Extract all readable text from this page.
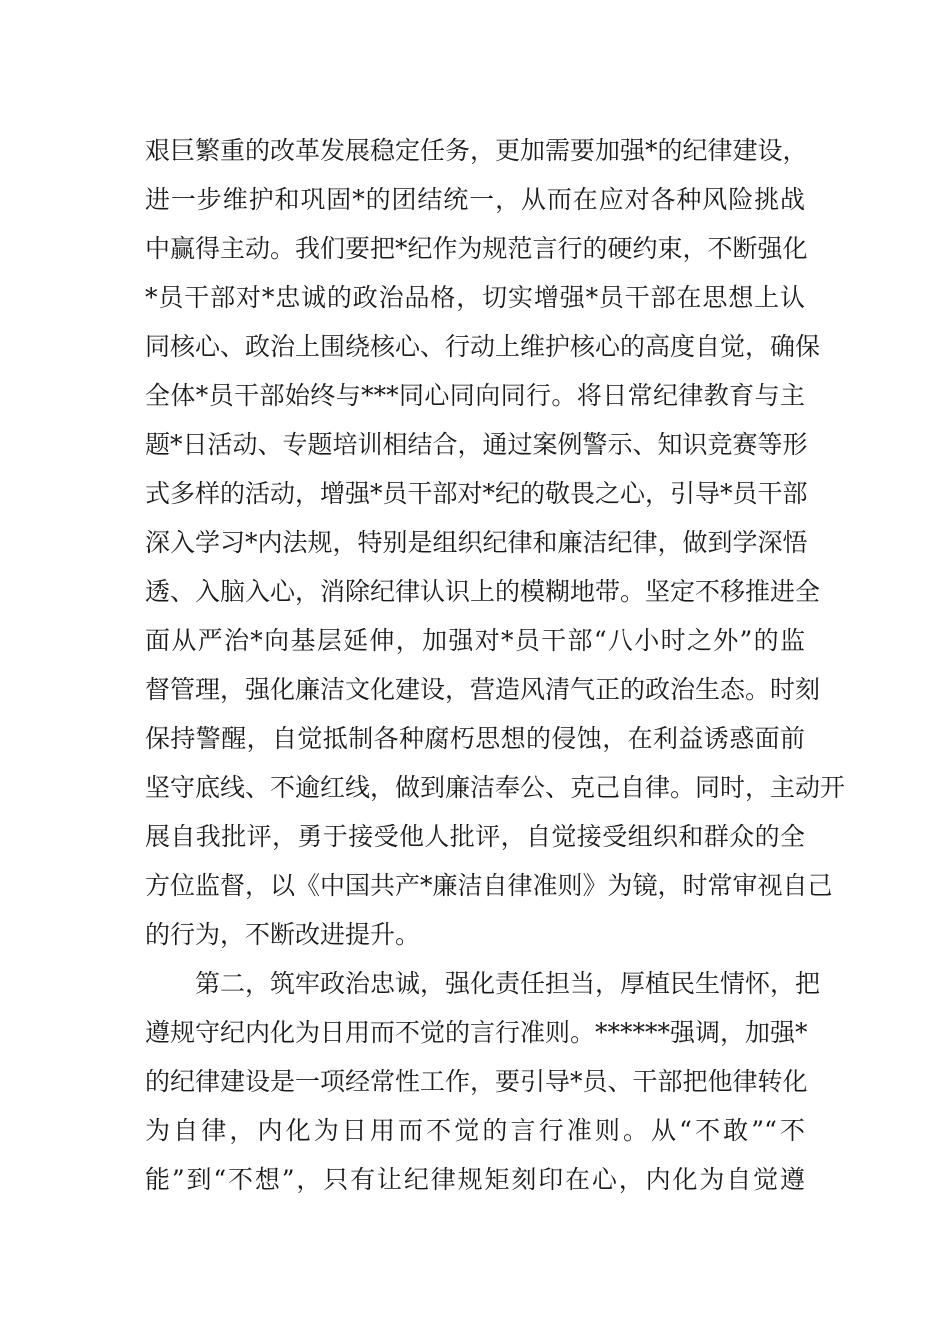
艰巨繁重的改革发展稳定任务，更加需要加强*的纪律建设，
进一步维护和巩固*的团结统一，从而在应对各种风险挑战
中赢得主动。我们要把*纪作为规范言行的硬约束，不断强化
*员干部对*忠诚的政治品格，切实增强*员干部在思想上认
同核心、政治上围绕核心、行动上维护核心的高度自觉，确保
全体*员干部始终与***同心同向同行。将日常纪律教育与主
题*日活动、专题培训相结合，通过案例警示、知识竞赛等形
式多样的活动，增强*员干部对*纪的敬畏之心，引导*员干部
深入学习*内法规，特别是组织纪律和廉洁纪律，做到学深悟
透、入脑入心，消除纪律认识上的模糊地带。坚定不移推进全
面从严治*向基层延伸，加强对*员干部“八小时之外”的监
督管理，强化廉洁文化建设，营造风清气正的政治生态。时刻
保持警醒，自觉抵制各种腐朽思想的侵蚀，在利益诱惑面前
坚守底线、不逾红线，做到廉洁奉公、克己自律。同时，主动开
展自我批评，勇于接受他人批评，自觉接受组织和群众的全
方位监督，以《中国共产*廉洁自律准则》为镜，时常审视自己
的行为，不断改进提升。
第二，筑牢政治忠诚，强化责任担当，厚植民生情怀，把
遵规守纪内化为日用而不觉的言行准则。******强调，加强*
的纪律建设是一项经常性工作，要引导*员、干部把他律转化
为自律，内化为日用而不觉的言行准则。从“不敢”“不
能”到“不想”，只有让纪律规矩刻印在心，内化为自觉遵
